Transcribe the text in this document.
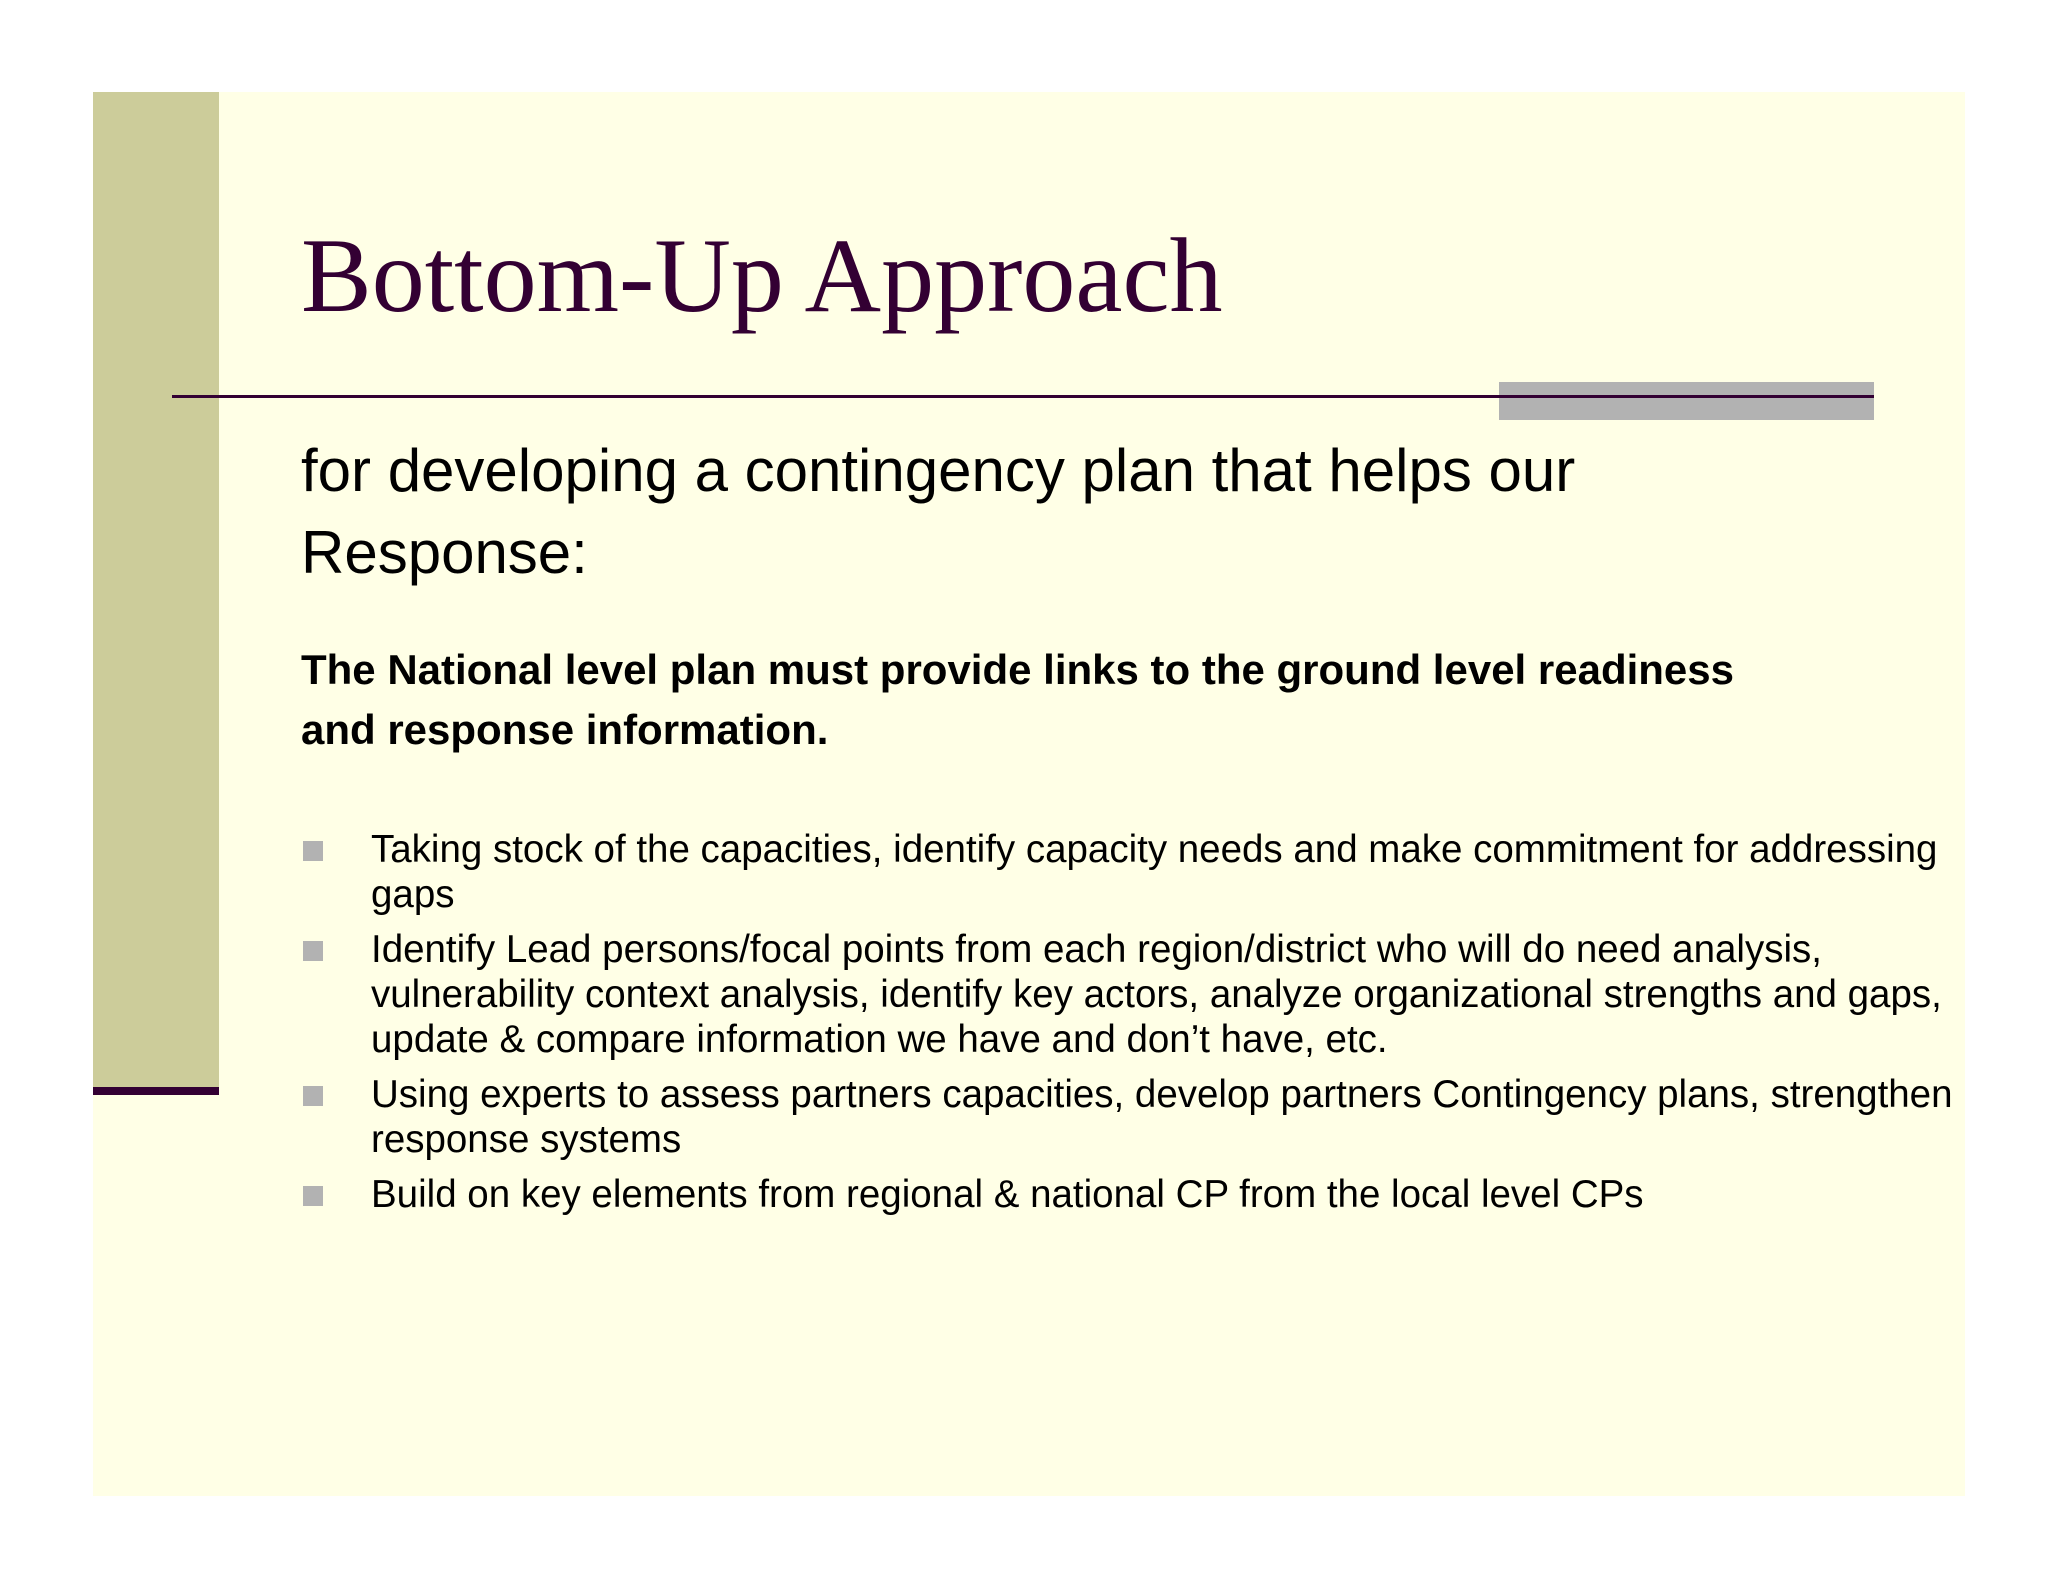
Bottom-Up Approach

for developing a contingency plan that helps our Response:

The National level plan must provide links to the ground level readiness and response information.

Taking stock of the capacities, identify capacity needs and make commitment for addressing gaps
Identify Lead persons/focal points from each region/district who will do need analysis, vulnerability context analysis, identify key actors, analyze organizational strengths and gaps, update & compare information we have and don’t have, etc.
Using experts to assess partners capacities, develop partners Contingency plans, strengthen response systems
Build on key elements from regional & national CP from the local level CPs
